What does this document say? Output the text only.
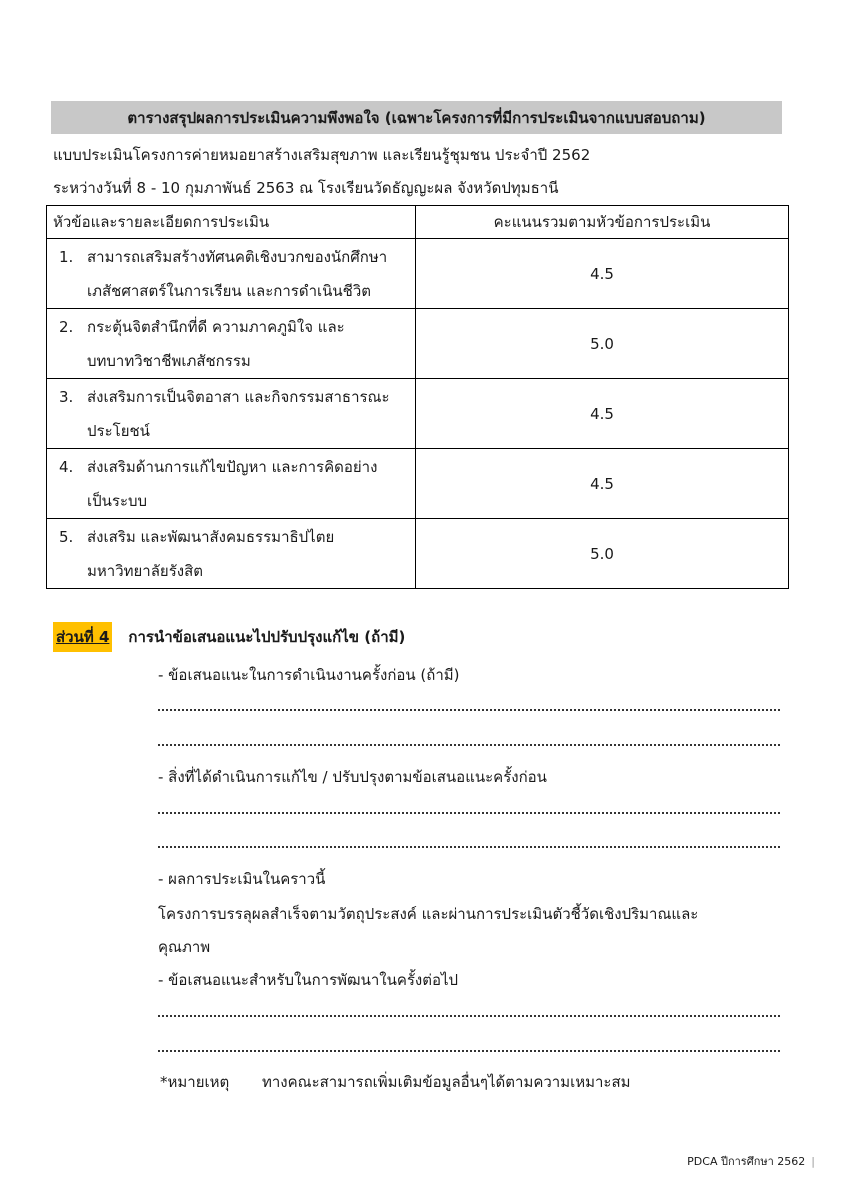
ตารางสรุปผลการประเมินความพึงพอใจ (เฉพาะโครงการที่มีการประเมินจากแบบสอบถาม)
แบบประเมินโครงการค่ายหมอยาสร้างเสริมสุขภาพ และเรียนรู้ชุมชน ประจำปี 2562
ระหว่างวันที่ 8 - 10 กุมภาพันธ์ 2563 ณ โรงเรียนวัดธัญญะผล จังหวัดปทุมธานี
หัวข้อและรายละเอียดการประเมิน	คะแนนรวมตามหัวข้อการประเมิน

1. สามารถเสริมสร้างทัศนคติเชิงบวกของนักศึกษา
เภสัชศาสตร์ในการเรียน และการดำเนินชีวิต	4.5

2. กระตุ้นจิตสำนึกที่ดี ความภาคภูมิใจ และ
บทบาทวิชาชีพเภสัชกรรม	5.0

3. ส่งเสริมการเป็นจิตอาสา และกิจกรรมสาธารณะ
ประโยชน์	4.5

4. ส่งเสริมด้านการแก้ไขปัญหา และการคิดอย่าง
เป็นระบบ	4.5

5. ส่งเสริม และพัฒนาสังคมธรรมาธิปไตย
มหาวิทยาลัยรังสิต	5.0
ส่วนที่ 4 การนำข้อเสนอแนะไปปรับปรุงแก้ไข (ถ้ามี)
- ข้อเสนอแนะในการดำเนินงานครั้งก่อน (ถ้ามี)
- สิ่งที่ได้ดำเนินการแก้ไข / ปรับปรุงตามข้อเสนอแนะครั้งก่อน
- ผลการประเมินในคราวนี้
โครงการบรรลุผลสำเร็จตามวัตถุประสงค์ และผ่านการประเมินตัวชี้วัดเชิงปริมาณและ
คุณภาพ
- ข้อเสนอแนะสำหรับในการพัฒนาในครั้งต่อไป
*หมายเหตุ	ทางคณะสามารถเพิ่มเติมข้อมูลอื่นๆได้ตามความเหมาะสม
PDCA ปีการศึกษา 2562 |
